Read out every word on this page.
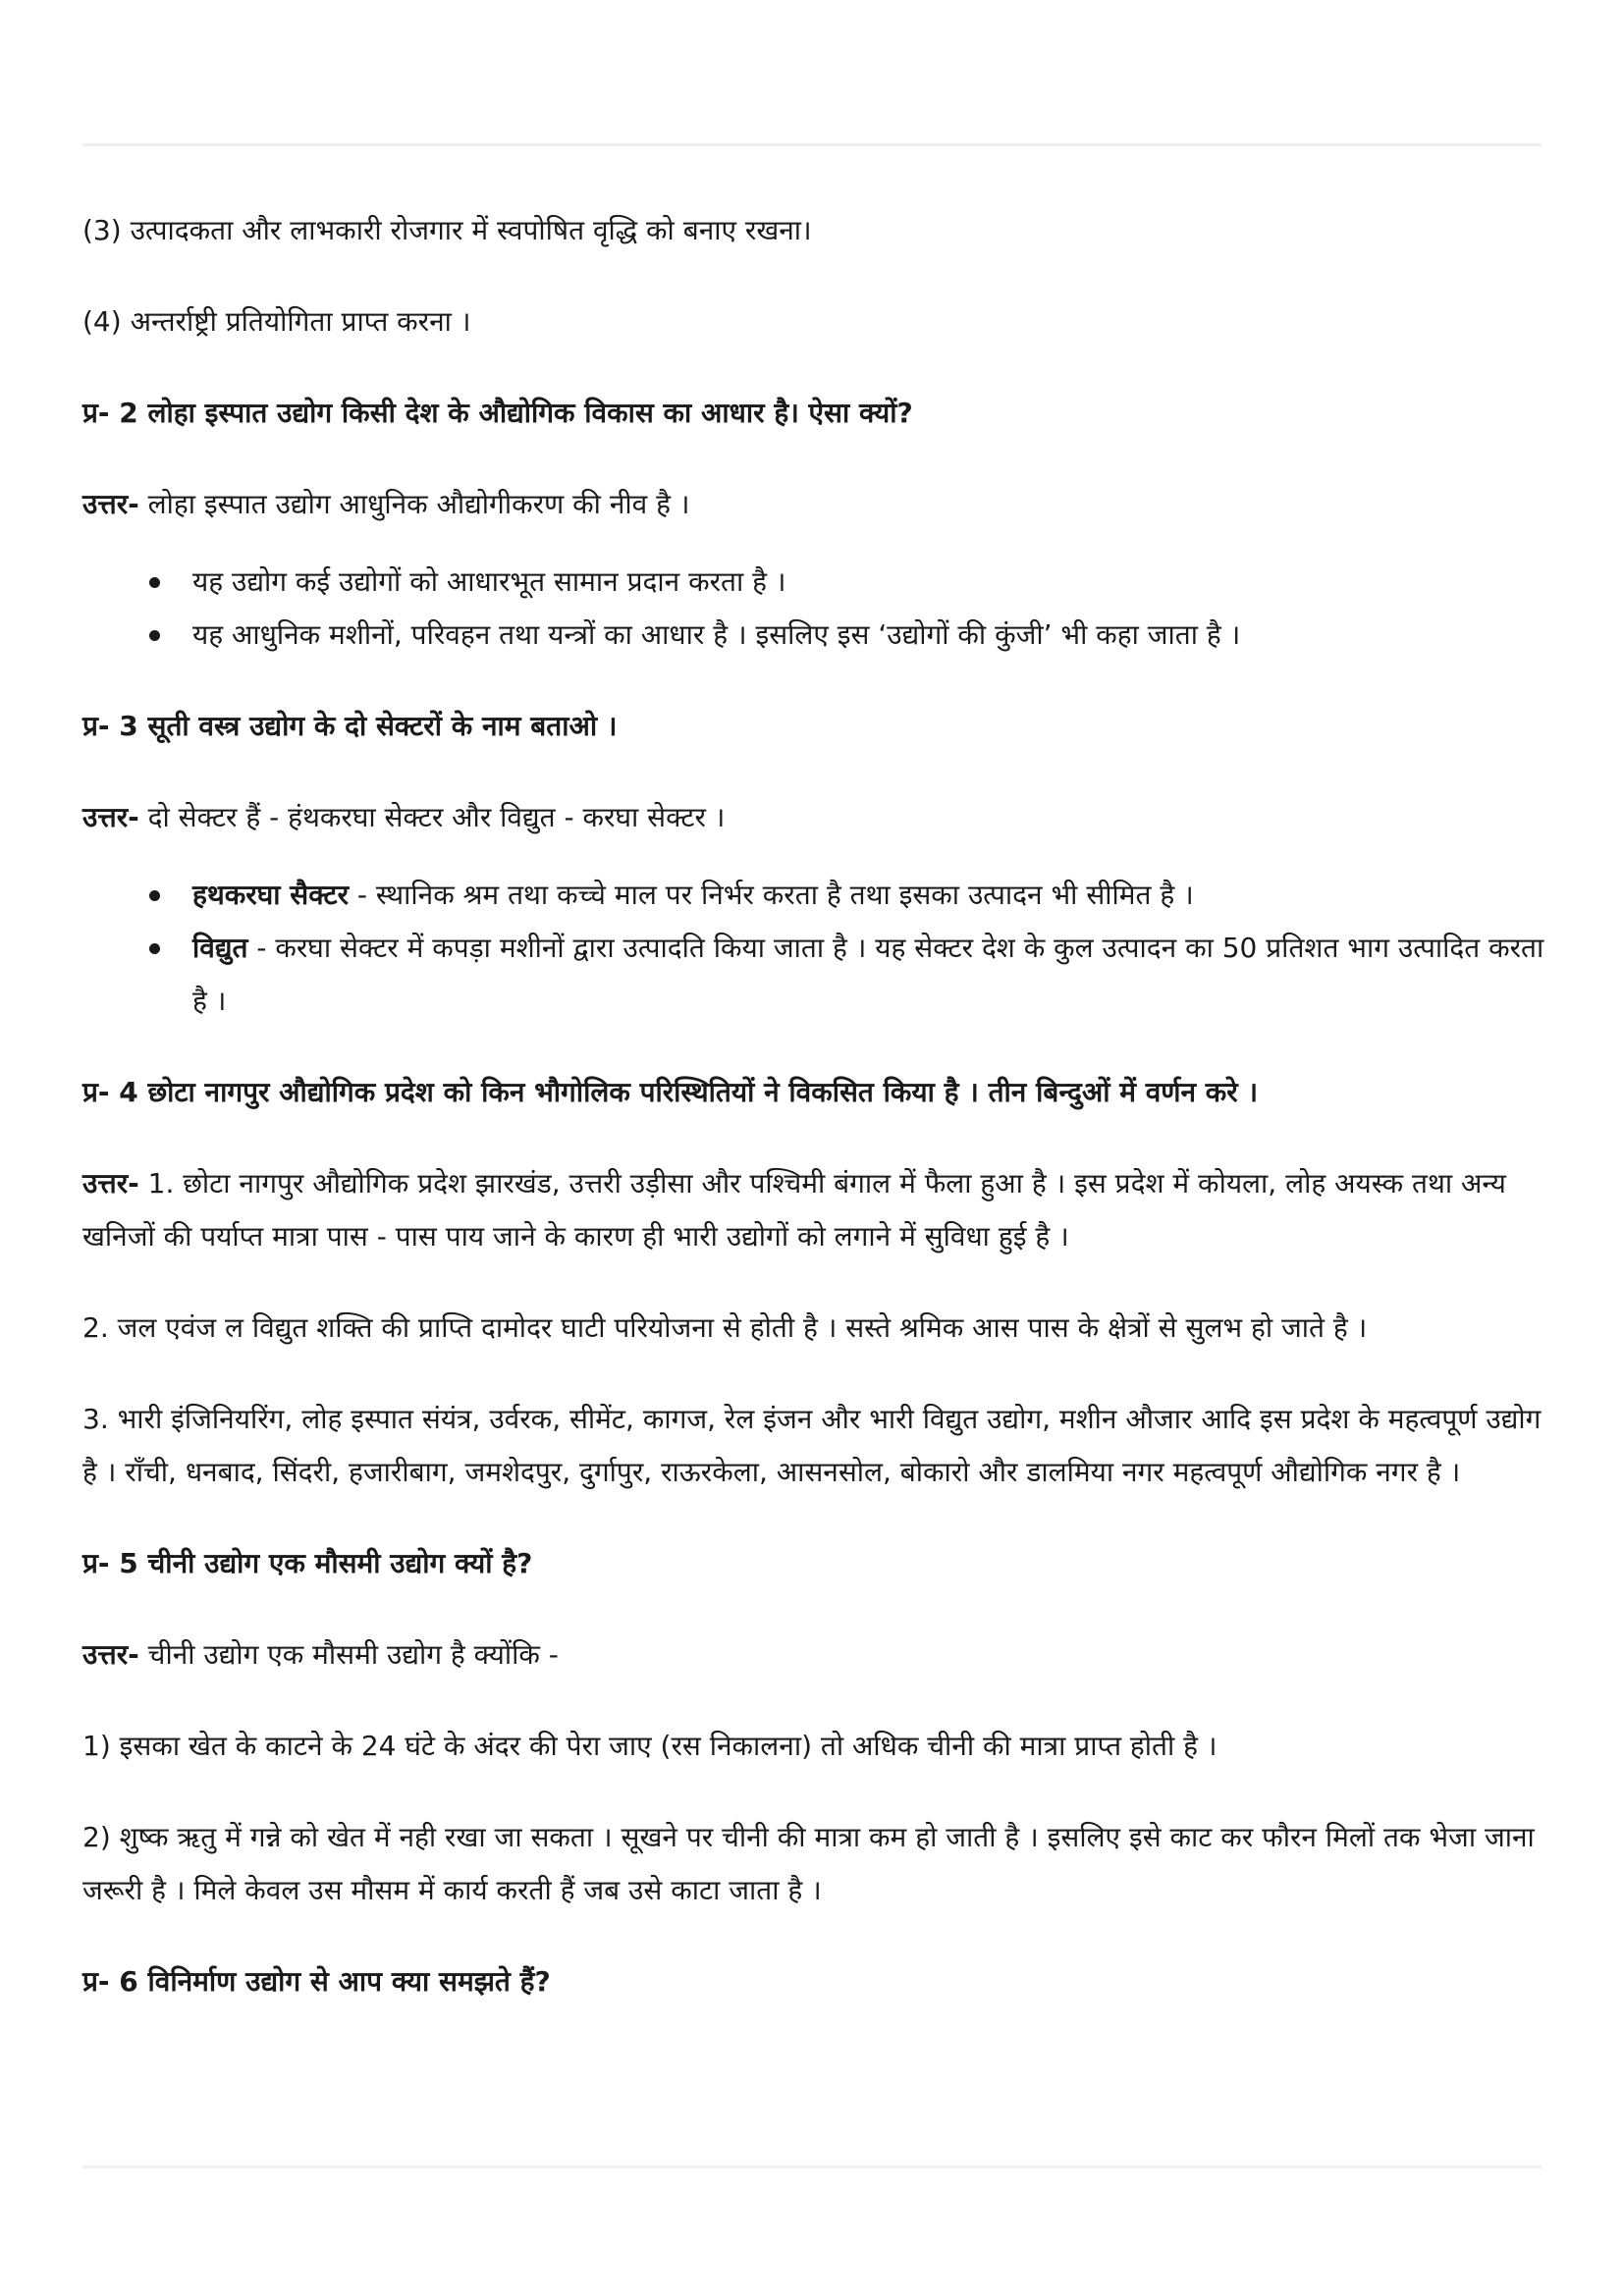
(3) उत्पादकता और लाभकारी रोजगार में स्वपोषित वृद्धि को बनाए रखना।

(4) अन्तर्राष्ट्री प्रतियोगिता प्राप्त करना ।

प्र- 2 लोहा इस्पात उद्योग किसी देश के औद्योगिक विकास का आधार है। ऐसा क्यों?

उत्तर- लोहा इस्पात उद्योग आधुनिक औद्योगीकरण की नीव है ।

यह उद्योग कई उद्योगों को आधारभूत सामान प्रदान करता है ।
यह आधुनिक मशीनों, परिवहन तथा यन्त्रों का आधार है । इसलिए इस ‘उद्योगों की कुंजी’ भी कहा जाता है ।

प्र- 3 सूती वस्त्र उद्योग के दो सेक्टरों के नाम बताओ ।

उत्तर- दो सेक्टर हैं - हंथकरघा सेक्टर और विद्युत - करघा सेक्टर ।

हथकरघा सैक्टर - स्थानिक श्रम तथा कच्चे माल पर निर्भर करता है तथा इसका उत्पादन भी सीमित है ।
विद्युत - करघा सेक्टर में कपड़ा मशीनों द्वारा उत्पादति किया जाता है । यह सेक्टर देश के कुल उत्पादन का 50 प्रतिशत भाग उत्पादित करता है ।

प्र- 4 छोटा नागपुर औद्योगिक प्रदेश को किन भौगोलिक परिस्थितियों ने विकसित किया है । तीन बिन्दुओं में वर्णन करे ।

उत्तर- 1. छोटा नागपुर औद्योगिक प्रदेश झारखंड, उत्तरी उड़ीसा और पश्चिमी बंगाल में फैला हुआ है । इस प्रदेश में कोयला, लोह अयस्क तथा अन्य खनिजों की पर्याप्त मात्रा पास - पास पाय जाने के कारण ही भारी उद्योगों को लगाने में सुविधा हुई है ।

2. जल एवंज ल विद्युत शक्ति की प्राप्ति दामोदर घाटी परियोजना से होती है । सस्ते श्रमिक आस पास के क्षेत्रों से सुलभ हो जाते है ।

3. भारी इंजिनियरिंग, लोह इस्पात संयंत्र, उर्वरक, सीमेंट, कागज, रेल इंजन और भारी विद्युत उद्योग, मशीन औजार आदि इस प्रदेश के महत्वपूर्ण उद्योग है । राँची, धनबाद, सिंदरी, हजारीबाग, जमशेदपुर, दुर्गापुर, राऊरकेला, आसनसोल, बोकारो और डालमिया नगर महत्वपूर्ण औद्योगिक नगर है ।

प्र- 5 चीनी उद्योग एक मौसमी उद्योग क्यों है?

उत्तर- चीनी उद्योग एक मौसमी उद्योग है क्योंकि -

1) इसका खेत के काटने के 24 घंटे के अंदर की पेरा जाए (रस निकालना) तो अधिक चीनी की मात्रा प्राप्त होती है ।

2) शुष्क ऋतु में गन्ने को खेत में नही रखा जा सकता । सूखने पर चीनी की मात्रा कम हो जाती है । इसलिए इसे काट कर फौरन मिलों तक भेजा जाना जरूरी है । मिले केवल उस मौसम में कार्य करती हैं जब उसे काटा जाता है ।

प्र- 6 विनिर्माण उद्योग से आप क्या समझते हैं?
